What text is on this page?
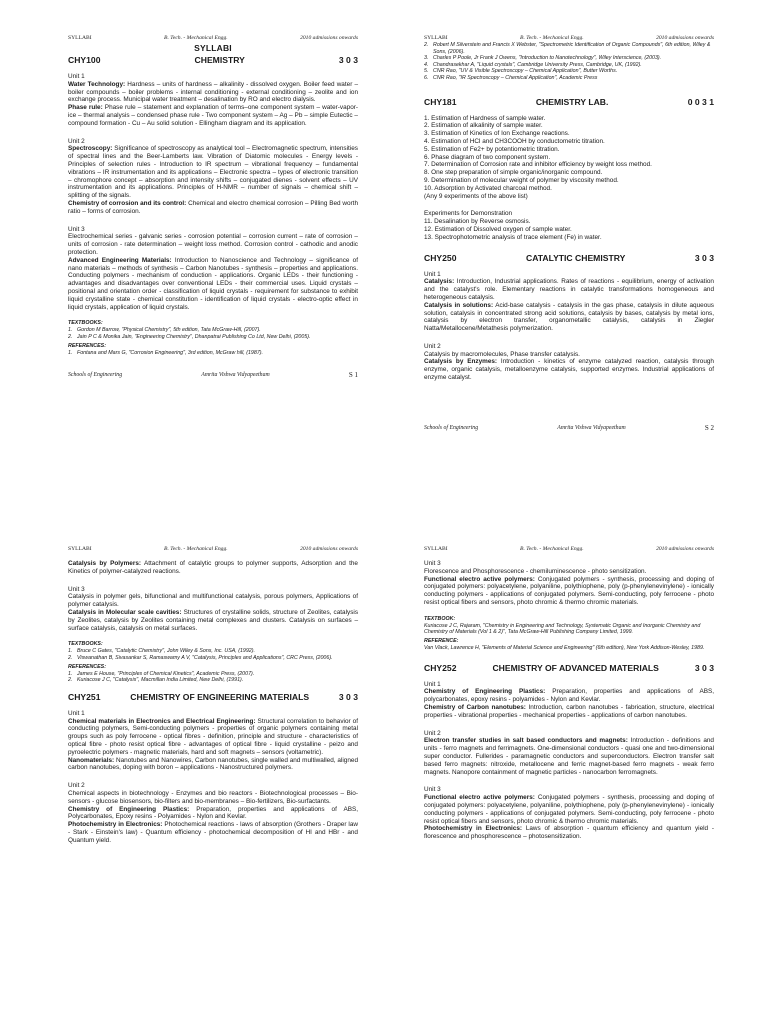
SYLLABI	B. Tech. - Mechanical Engg.	2010 admissions onwards
SYLLABI
CHY100	CHEMISTRY	3 0 3

Unit 1

Water Technology: Hardness – units of hardness – alkalinity - dissolved oxygen. Boiler feed water – boiler compounds – boiler problems - internal conditioning - external conditioning – zeolite and ion exchange process. Municipal water treatment – desalination by RO and electro dialysis.

Phase rule: Phase rule – statement and explanation of terms–one component system – water-vapor-ice – thermal analysis – condensed phase rule - Two component system – Ag – Pb – simple Eutectic – compound formation - Cu – Au solid solution - Ellingham diagram and its application.

Unit 2

Spectroscopy: Significance of spectroscopy as analytical tool – Electromagnetic spectrum, intensities of spectral lines and the Beer-Lamberts law. Vibration of Diatomic molecules - Energy levels - Principles of selection rules - Introduction to IR spectrum – vibrational frequency – fundamental vibrations – IR instrumentation and its applications – Electronic spectra – types of electronic transition – chromophore concept – absorption and intensity shifts – conjugated dienes - solvent effects – UV instrumentation and its applications. Principles of H-NMR – number of signals – chemical shift – splitting of the signals.

Chemistry of corrosion and its control: Chemical and electro chemical corrosion – Pilling Bed worth ratio – forms of corrosion.

Unit 3

Electrochemical series - galvanic series - corrosion potential – corrosion current – rate of corrosion – units of corrosion - rate determination – weight loss method. Corrosion control - cathodic and anodic protection.

Advanced Engineering Materials: Introduction to Nanoscience and Technology – significance of nano materials – methods of synthesis – Carbon Nanotubes - synthesis – properties and applications. Conducting polymers - mechanism of conduction - applications. Organic LEDs - their functioning - advantages and disadvantages over conventional LEDs - their commercial uses. Liquid crystals – positional and orientation order - classification of liquid crystals - requirement for substance to exhibit liquid crystalline state - chemical constitution - identification of liquid crystals - electro-optic effect in liquid crystals, application of liquid crystals.

TEXTBOOKS:
1. Gordon M Barrow, "Physical Chemistry", 5th edition, Tata McGraw-Hill, (2007).
2. Jain P C & Monika Jain, "Engineering Chemistry", Dhanpatrai Publishing Co Ltd, New Delhi, (2005).
REFERENCES:
1. Fontana and Mars G, "Corrosion Engineering", 3rd edition, McGraw hill, (1987).
Schools of Engineering	Amrita Vishwa Vidyapeetham	S 1
SYLLABI	B. Tech. - Mechanical Engg.	2010 admissions onwards
2. Robert M Silverstein and Francis X Webster, "Spectrometric Identification of Organic Compounds", 6th edition, Wiley & Sons, (2006).
3. Charles P Poole, Jr Frank J Owens, "Introduction to Nanotechnology", Wiley Interscience, (2003).
4. Chandrasekhar A, "Liquid crystals", Cambridge University Press, Cambridge, UK, (1992).
5. CNR Rao, "UV & Visible Spectroscopy – Chemical Application", Butter Worths.
6. CNR Rao, "IR Spectroscopy – Chemical Application", Academic Press
CHY181	CHEMISTRY LAB.	0 0 3 1

1. Estimation of Hardness of sample water.

2. Estimation of alkalinity of sample water.

3. Estimation of Kinetics of Ion Exchange reactions.

4. Estimation of HCl and CH3COOH by conductometric titration.

5. Estimation of Fe2+ by potentiometric titration.

6. Phase diagram of two component system.

7. Determination of Corrosion rate and inhibitor efficiency by weight loss method.

8. One step preparation of simple organic/inorganic compound.

9. Determination of molecular weight of polymer by viscosity method.

10. Adsorption by Activated charcoal method.

(Any 9 experiments of the above list)

Experiments for Demonstration

11. Desalination by Reverse osmosis.

12. Estimation of Dissolved oxygen of sample water.

13. Spectrophotometric analysis of trace element (Fe) in water.

CHY250	CATALYTIC CHEMISTRY	3 0 3

Unit 1

Catalysis: Introduction, Industrial applications. Rates of reactions - equilibrium, energy of activation and the catalyst's role. Elementary reactions in catalytic transformations homogeneous and heterogeneous catalysis.

Catalysis in solutions: Acid-base catalysis - catalysis in the gas phase, catalysis in dilute aqueous solution, catalysis in concentrated strong acid solutions, catalysis by bases, catalysis by metal ions, catalysis by electron transfer, organometallic catalysis, catalysis in Ziegler Natta/Metallocene/Metathesis polymerization.

Unit 2

Catalysis by macromolecules, Phase transfer catalysis.

Catalysis by Enzymes: Introduction - kinetics of enzyme catalyzed reaction, catalysis through enzyme, organic catalysis, metalloenzyme catalysis, supported enzymes. Industrial applications of enzyme catalyst.

Schools of Engineering	Amrita Vishwa Vidyapeetham	S 2
SYLLABI	B. Tech. - Mechanical Engg.	2010 admissions onwards

Catalysis by Polymers: Attachment of catalytic groups to polymer supports, Adsorption and the Kinetics of polymer-catalyzed reactions.

Unit 3

Catalysis in polymer gels, bifunctional and multifunctional catalysis, porous polymers, Applications of polymer catalysis.

Catalysis in Molecular scale cavities: Structures of crystalline solids, structure of Zeolites, catalysis by Zeolites, catalysis by Zeolites containing metal complexes and clusters. Catalysis on surfaces – surface catalysis, catalysis on metal surfaces.

TEXTBOOKS:
1. Bruce C Gates, "Catalytic Chemistry", John Wiley & Sons, Inc. USA, (1992).
2. Viswanathan B, Sivasankar S, Ramaswamy A V, "Catalysis, Principles and Applications", CRC Press, (2006).
REFERENCES:
1. James E House, "Principles of Chemical Kinetics", Academic Press, (2007).
2. Kuriacose J C, "Catalysis", Macmillan India Limited, New Delhi, (1991).
CHY251	CHEMISTRY OF ENGINEERING MATERIALS	3 0 3

Unit 1

Chemical materials in Electronics and Electrical Engineering: Structural correlation to behavior of conducting polymers, Semi-conducting polymers - properties of organic polymers containing metal groups such as poly ferrocene - optical fibres - definition, principle and structure - characteristics of optical fibre - photo resist optical fibre - advantages of optical fibre - liquid crystalline - peizo and pyroelectric polymers - magnetic materials, hard and soft magnets – sensors (voltametric).

Nanomaterials: Nanotubes and Nanowires, Carbon nanotubes, single walled and multiwalled, aligned carbon nanotubes, doping with boron – applications - Nanostructured polymers.

Unit 2

Chemical aspects in biotechnology - Enzymes and bio reactors - Biotechnological processes – Bio-sensors - glucose biosensors, bio-filters and bio-membranes – Bio-fertilizers, Bio-surfactants.

Chemistry of Engineering Plastics: Preparation, properties and applications of ABS, Polycarbonates, Epoxy resins - Polyamides - Nylon and Kevlar.

Photochemistry in Electronics: Photochemical reactions - laws of absorption (Grothers - Draper law - Stark - Einstein's law) - Quantum efficiency - photochemical decomposition of HI and HBr - and Quantum yield.

SYLLABI	B. Tech. - Mechanical Engg.	2010 admissions onwards

Unit 3

Florescence and Phosphorescence - chemiluminescence - photo sensitization.

Functional electro active polymers: Conjugated polymers - synthesis, processing and doping of conjugated polymers: polyacetylene, polyaniline, polythiophene, poly (p-phenylenevinylene) - ionically conducting polymers - applications of conjugated polymers. Semi-conducting, poly ferrocene - photo resist optical fibers and sensors, photo chromic & thermo chromic materials.

TEXTBOOK:
Kuriacose J C, Rajaram, "Chemistry in Engineering and Technology, Systematic Organic and Inorganic Chemistry and Chemistry of Materials (Vol 1 & 2)", Tata McGraw-Hill Publishing Company Limited, 1999.
REFERENCE:
Van Vlack, Lawrence H, "Elements of Material Science and Engineering" (6th edition), New York Addison-Wesley, 1989.
CHY252	CHEMISTRY OF ADVANCED MATERIALS	3 0 3

Unit 1

Chemistry of Engineering Plastics: Preparation, properties and applications of ABS, polycarbonates, epoxy resins - polyamides - Nylon and Kevlar.

Chemistry of Carbon nanotubes: Introduction, carbon nanotubes - fabrication, structure, electrical properties - vibrational properties - mechanical properties - applications of carbon nanotubes.

Unit 2

Electron transfer studies in salt based conductors and magnets: Introduction - definitions and units - ferro magnets and ferrimagnets. One-dimensional conductors - quasi one and two-dimensional super conductor. Fullerides - paramagnetic conductors and superconductors. Electron transfer salt based ferro magnets: nitroxide, metallocene and ferric magnet-based ferro magnets - weak ferro magnets. Nanopore containment of magnetic particles - nanocarbon ferromagnets.

Unit 3

Functional electro active polymers: Conjugated polymers - synthesis, processing and doping of conjugated polymers: polyacetylene, polyaniline, polythiophene, poly (p-phenylenevinylene) - ionically conducting polymers - applications of conjugated polymers. Semi-conducting, poly ferrocene - photo resist optical fibers and sensors, photo chromic & thermo chromic materials.

Photochemistry in Electronics: Laws of absorption - quantum efficiency and quantum yield - florescence and phosphorescence – photosensitization.
